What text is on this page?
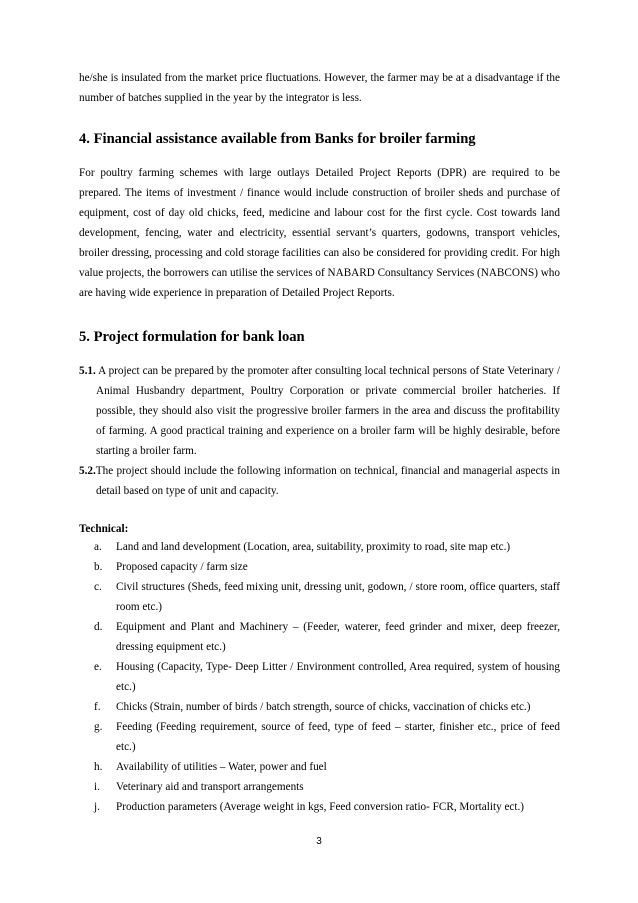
he/she is insulated from the market price fluctuations. However, the farmer may be at a disadvantage if the number of batches supplied in the year by the integrator is less.

4. Financial assistance available from Banks for broiler farming

For poultry farming schemes with large outlays Detailed Project Reports (DPR) are required to be prepared. The items of investment / finance would include construction of broiler sheds and purchase of equipment, cost of day old chicks, feed, medicine and labour cost for the first cycle. Cost towards land development, fencing, water and electricity, essential servant’s quarters, godowns, transport vehicles, broiler dressing, processing and cold storage facilities can also be considered for providing credit. For high value projects, the borrowers can utilise the services of NABARD Consultancy Services (NABCONS) who are having wide experience in preparation of Detailed Project Reports.

5. Project formulation for bank loan

5.1. A project can be prepared by the promoter after consulting local technical persons of State Veterinary / Animal Husbandry department, Poultry Corporation or private commercial broiler hatcheries. If possible, they should also visit the progressive broiler farmers in the area and discuss the profitability of farming. A good practical training and experience on a broiler farm will be highly desirable, before starting a broiler farm.

5.2.The project should include the following information on technical, financial and managerial aspects in detail based on type of unit and capacity.

Technical:

a.	Land and land development (Location, area, suitability, proximity to road, site map etc.)
b.	Proposed capacity / farm size
c.	Civil structures (Sheds, feed mixing unit, dressing unit, godown, / store room, office quarters, staff room etc.)
d.	Equipment and Plant and Machinery – (Feeder, waterer, feed grinder and mixer, deep freezer, dressing equipment etc.)
e.	Housing (Capacity, Type- Deep Litter / Environment controlled, Area required, system of housing etc.)
f.	Chicks (Strain, number of birds / batch strength, source of chicks, vaccination of chicks etc.)
g.	Feeding (Feeding requirement, source of feed, type of feed – starter, finisher etc., price of feed etc.)
h.	Availability of utilities – Water, power and fuel
i.	Veterinary aid and transport arrangements
j.	Production parameters (Average weight in kgs, Feed conversion ratio- FCR, Mortality ect.)
3
